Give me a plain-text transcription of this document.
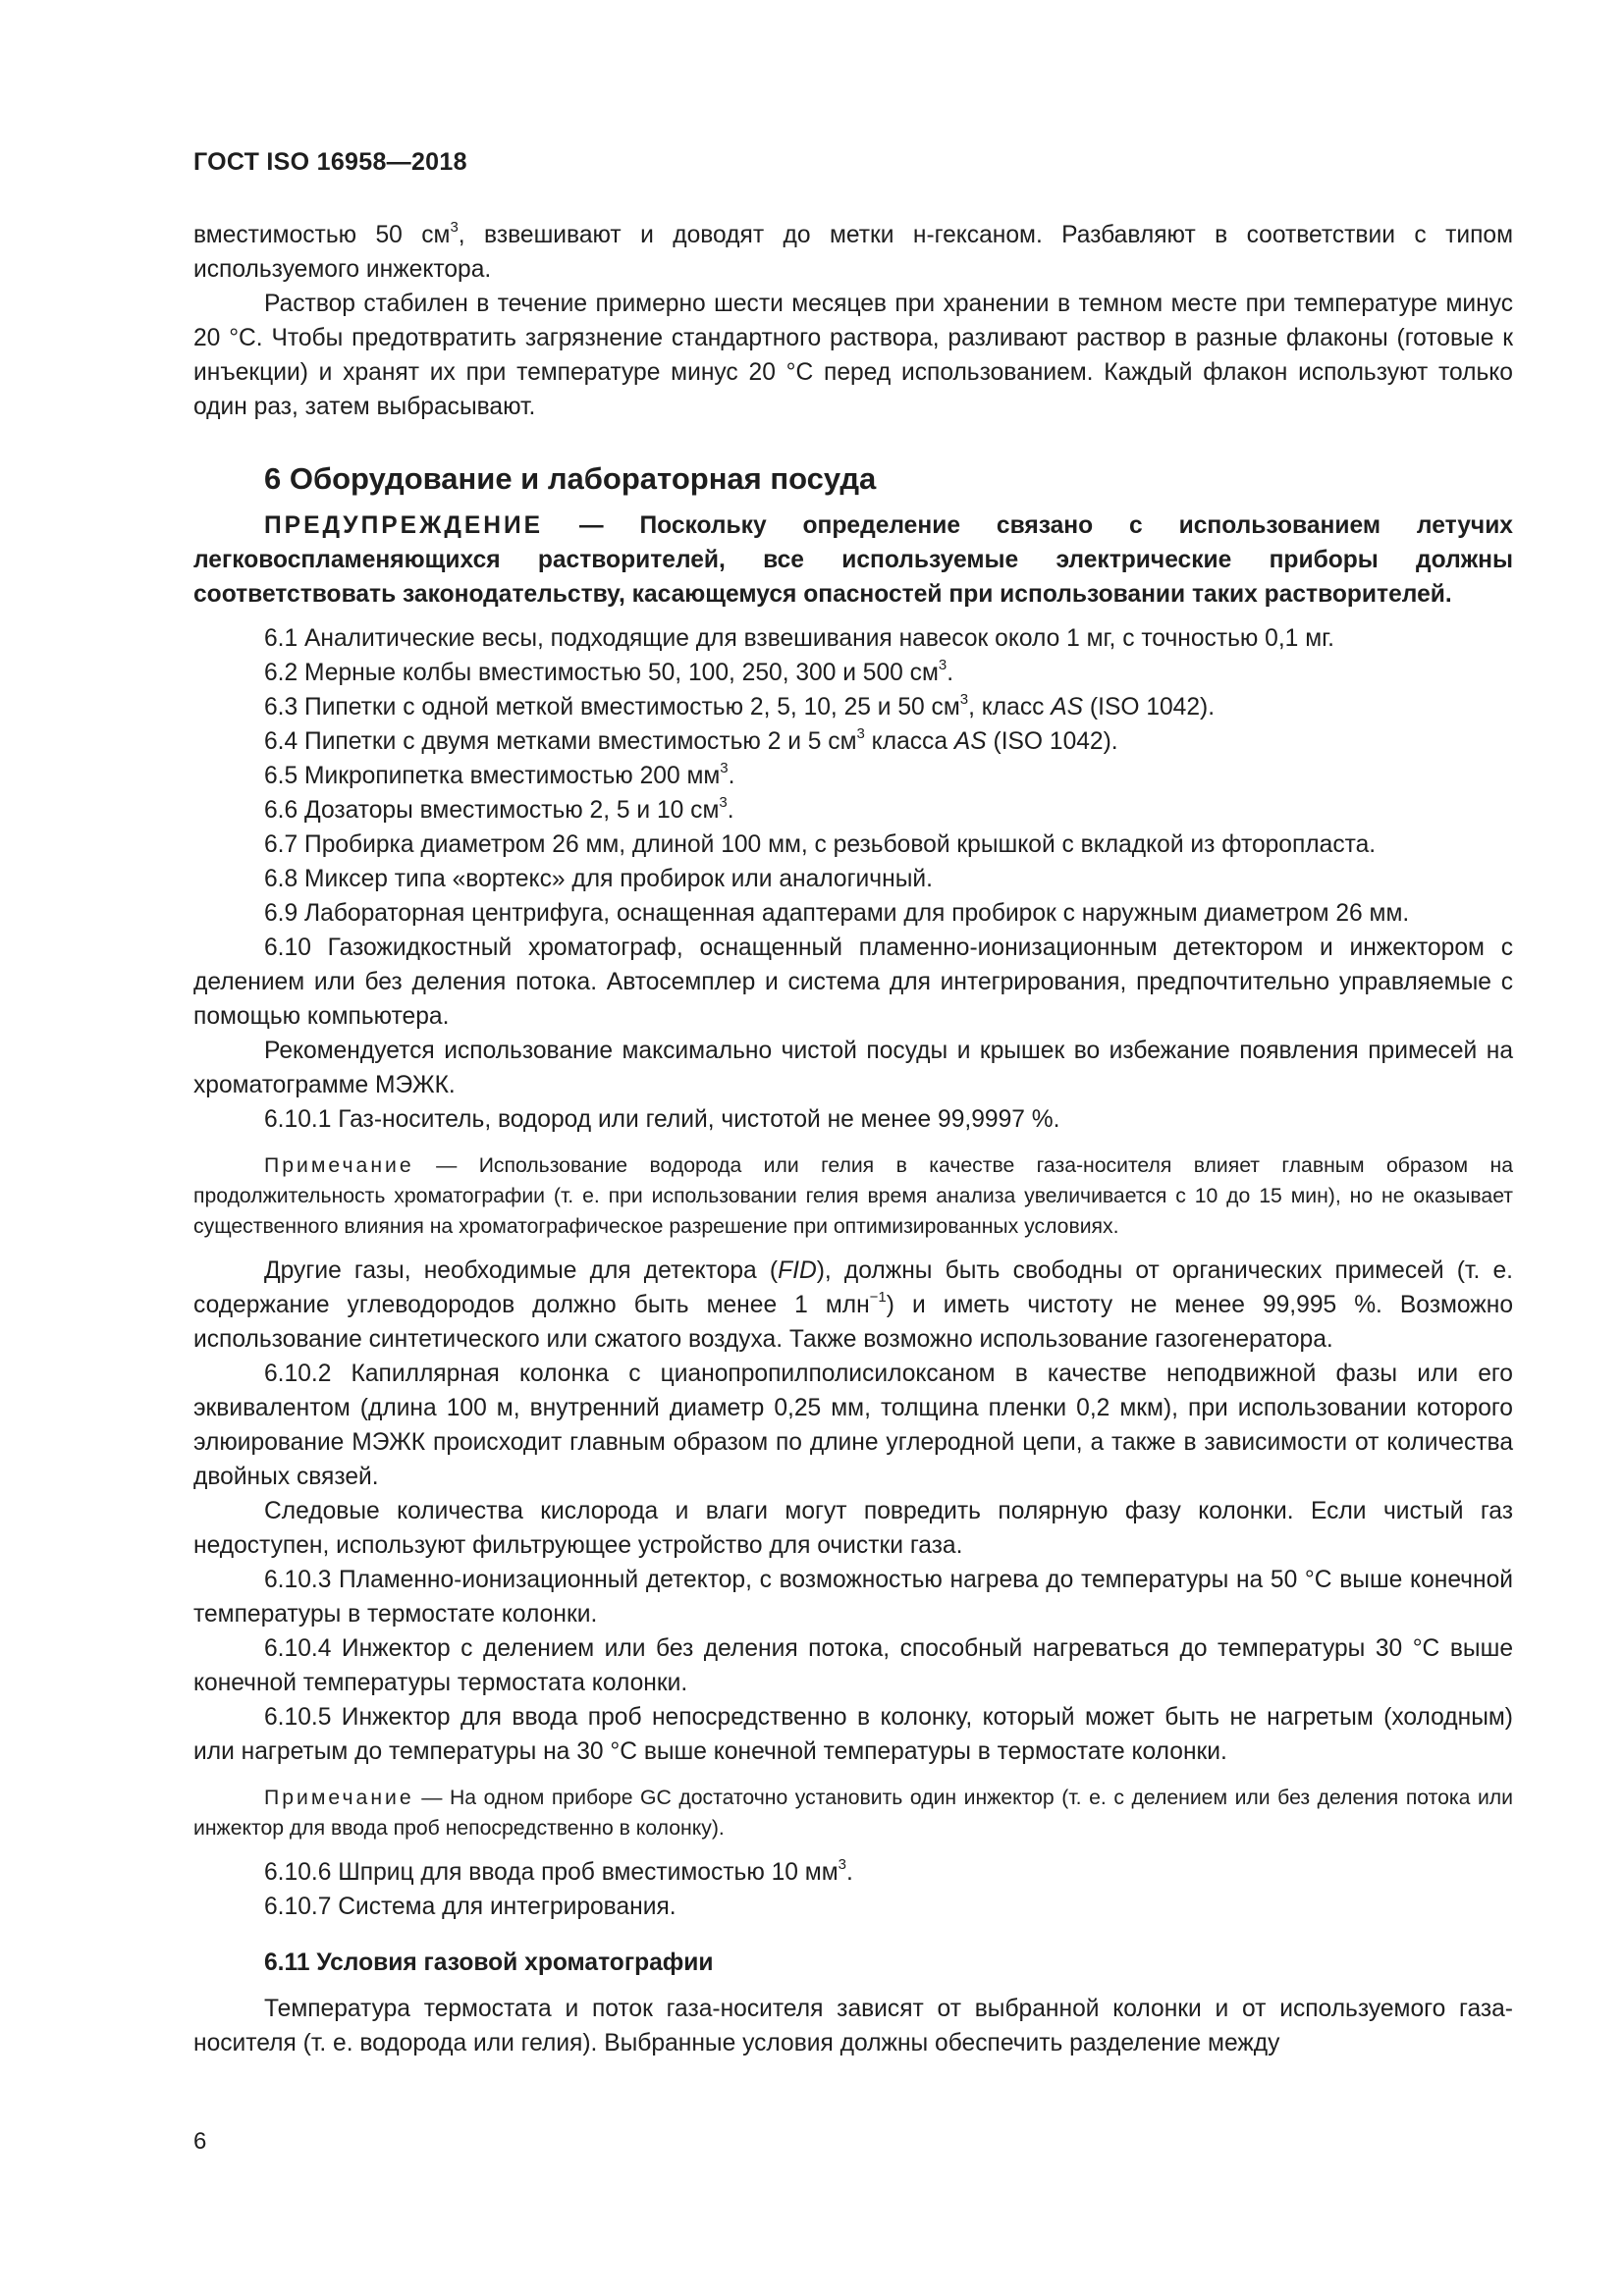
ГОСТ ISO 16958—2018

вместимостью 50 $см^3$, взвешивают и доводят до метки н-гексаном. Разбавляют в соответствии с типом используемого инжектора.

Раствор стабилен в течение примерно шести месяцев при хранении в темном месте при температуре минус 20 °С. Чтобы предотвратить загрязнение стандартного раствора, разливают раствор в разные флаконы (готовые к инъекции) и хранят их при температуре минус 20 °С перед использованием. Каждый флакон используют только один раз, затем выбрасывают.

6 Оборудование и лабораторная посуда

ПРЕДУПРЕЖДЕНИЕ — Поскольку определение связано с использованием летучих легковоспламеняющихся растворителей, все используемые электрические приборы должны соответствовать законодательству, касающемуся опасностей при использовании таких растворителей.

6.1 Аналитические весы, подходящие для взвешивания навесок около 1 мг, с точностью 0,1 мг.

6.2 Мерные колбы вместимостью 50, 100, 250, 300 и 500 $см^3$.

6.3 Пипетки с одной меткой вместимостью 2, 5, 10, 25 и 50 $см^3$, класс AS (ISO 1042).

6.4 Пипетки с двумя метками вместимостью 2 и 5 $см^3$ класса AS (ISO 1042).

6.5 Микропипетка вместимостью 200 $мм^3$.

6.6 Дозаторы вместимостью 2, 5 и 10 $см^3$.

6.7 Пробирка диаметром 26 мм, длиной 100 мм, с резьбовой крышкой с вкладкой из фторопласта.

6.8 Миксер типа «вортекс» для пробирок или аналогичный.

6.9 Лабораторная центрифуга, оснащенная адаптерами для пробирок с наружным диаметром 26 мм.

6.10 Газожидкостный хроматограф, оснащенный пламенно-ионизационным детектором и инжектором с делением или без деления потока. Автосемплер и система для интегрирования, предпочтительно управляемые с помощью компьютера.

Рекомендуется использование максимально чистой посуды и крышек во избежание появления примесей на хроматограмме МЭЖК.

6.10.1 Газ-носитель, водород или гелий, чистотой не менее 99,9997 %.

Примечание — Использование водорода или гелия в качестве газа-носителя влияет главным образом на продолжительность хроматографии (т. е. при использовании гелия время анализа увеличивается с 10 до 15 мин), но не оказывает существенного влияния на хроматографическое разрешение при оптимизированных условиях.

Другие газы, необходимые для детектора (FID), должны быть свободны от органических примесей (т. е. содержание углеводородов должно быть менее 1 млн$^{-1}$) и иметь чистоту не менее 99,995 %. Возможно использование синтетического или сжатого воздуха. Также возможно использование газогенератора.

6.10.2 Капиллярная колонка с цианопропилполисилоксаном в качестве неподвижной фазы или его эквивалентом (длина 100 м, внутренний диаметр 0,25 мм, толщина пленки 0,2 мкм), при использовании которого элюирование МЭЖК происходит главным образом по длине углеродной цепи, а также в зависимости от количества двойных связей.

Следовые количества кислорода и влаги могут повредить полярную фазу колонки. Если чистый газ недоступен, используют фильтрующее устройство для очистки газа.

6.10.3 Пламенно-ионизационный детектор, с возможностью нагрева до температуры на 50 °С выше конечной температуры в термостате колонки.

6.10.4 Инжектор с делением или без деления потока, способный нагреваться до температуры 30 °С выше конечной температуры термостата колонки.

6.10.5 Инжектор для ввода проб непосредственно в колонку, который может быть не нагретым (холодным) или нагретым до температуры на 30 °С выше конечной температуры в термостате колонки.

Примечание — На одном приборе GC достаточно установить один инжектор (т. е. с делением или без деления потока или инжектор для ввода проб непосредственно в колонку).

6.10.6 Шприц для ввода проб вместимостью 10 $мм^3$.

6.10.7 Система для интегрирования.

6.11 Условия газовой хроматографии

Температура термостата и поток газа-носителя зависят от выбранной колонки и от используемого газа-носителя (т. е. водорода или гелия). Выбранные условия должны обеспечить разделение между

6
